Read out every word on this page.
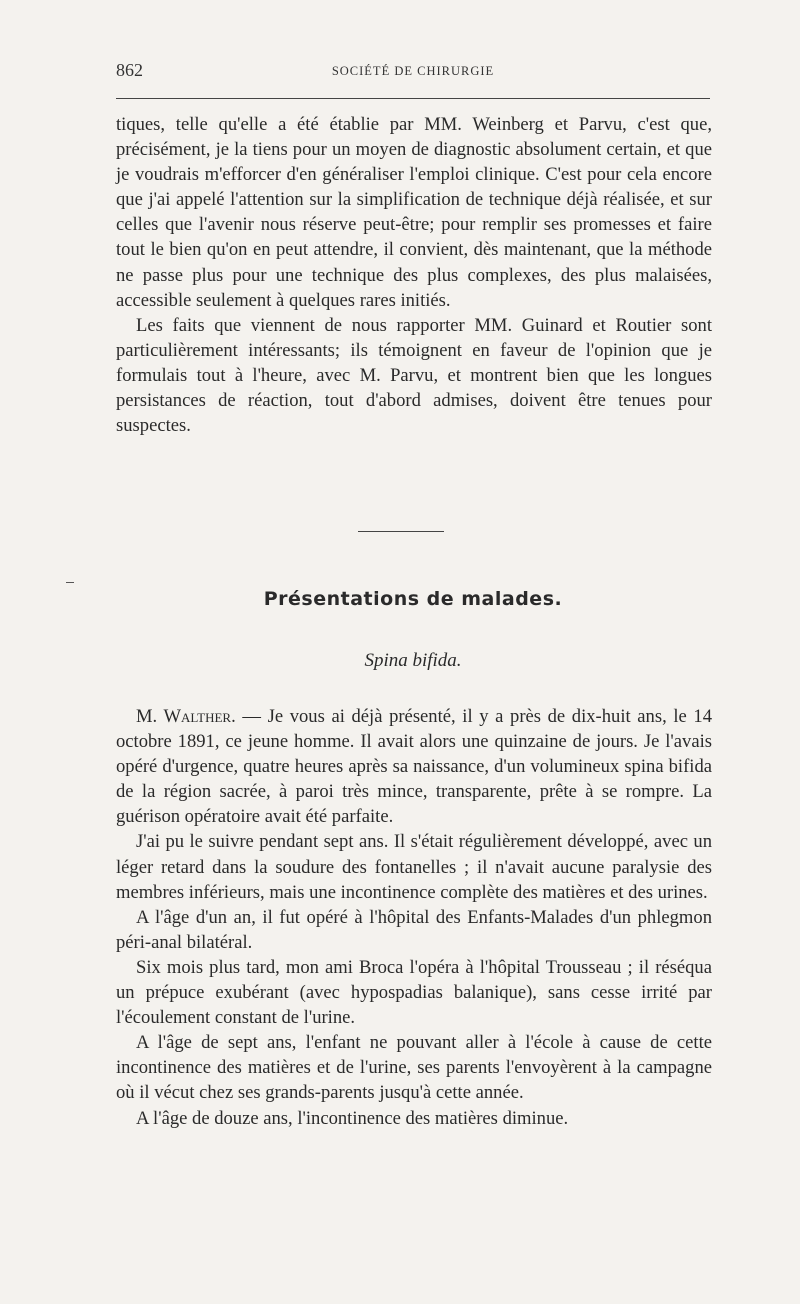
862	SOCIÉTÉ DE CHIRURGIE

tiques, telle qu'elle a été établie par MM. Weinberg et Parvu, c'est que, précisément, je la tiens pour un moyen de diagnostic absolument certain, et que je voudrais m'efforcer d'en généraliser l'emploi clinique. C'est pour cela encore que j'ai appelé l'attention sur la simplification de technique déjà réalisée, et sur celles que l'avenir nous réserve peut-être; pour remplir ses promesses et faire tout le bien qu'on en peut attendre, il convient, dès maintenant, que la méthode ne passe plus pour une technique des plus complexes, des plus malaisées, accessible seulement à quelques rares initiés.

Les faits que viennent de nous rapporter MM. Guinard et Routier sont particulièrement intéressants; ils témoignent en faveur de l'opinion que je formulais tout à l'heure, avec M. Parvu, et montrent bien que les longues persistances de réaction, tout d'abord admises, doivent être tenues pour suspectes.

Présentations de malades.
Spina bifida.

M. Walther. — Je vous ai déjà présenté, il y a près de dix-huit ans, le 14 octobre 1891, ce jeune homme. Il avait alors une quinzaine de jours. Je l'avais opéré d'urgence, quatre heures après sa naissance, d'un volumineux spina bifida de la région sacrée, à paroi très mince, transparente, prête à se rompre. La guérison opératoire avait été parfaite.

J'ai pu le suivre pendant sept ans. Il s'était régulièrement développé, avec un léger retard dans la soudure des fontanelles ; il n'avait aucune paralysie des membres inférieurs, mais une incontinence complète des matières et des urines.

A l'âge d'un an, il fut opéré à l'hôpital des Enfants-Malades d'un phlegmon péri-anal bilatéral.

Six mois plus tard, mon ami Broca l'opéra à l'hôpital Trousseau ; il réséqua un prépuce exubérant (avec hypospadias balanique), sans cesse irrité par l'écoulement constant de l'urine.

A l'âge de sept ans, l'enfant ne pouvant aller à l'école à cause de cette incontinence des matières et de l'urine, ses parents l'envoyèrent à la campagne où il vécut chez ses grands-parents jusqu'à cette année.

A l'âge de douze ans, l'incontinence des matières diminue.
